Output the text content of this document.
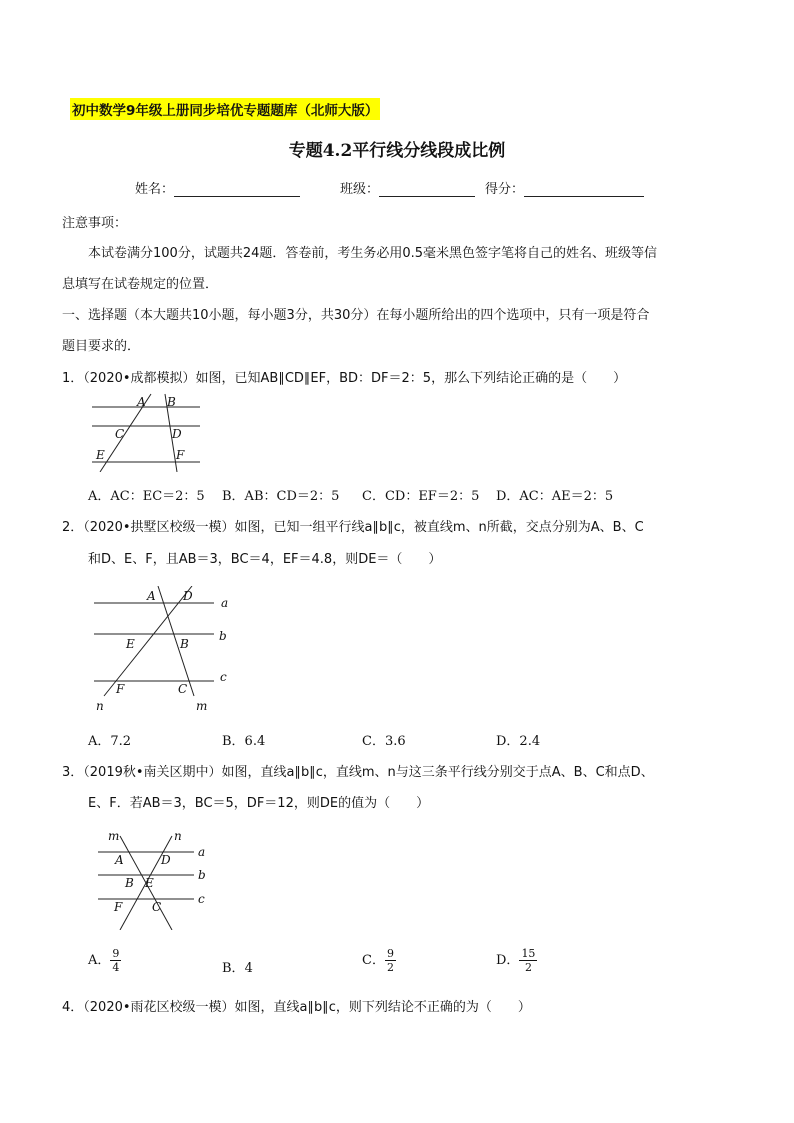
初中数学9年级上册同步培优专题题库（北师大版）
专题4.2平行线分线段成比例
姓名：	班级：	得分：
注意事项：
本试卷满分100分，试题共24题．答卷前，考生务必用0.5毫米黑色签字笔将自己的姓名、班级等信
息填写在试卷规定的位置．
一、选择题（本大题共10小题，每小题3分，共30分）在每小题所给出的四个选项中，只有一项是符合
题目要求的．
1．（2020•成都模拟）如图，已知AB∥CD∥EF，BD：DF＝2：5，那么下列结论正确的是（　　）
A B
C	D
E	F
A．AC：EC＝2：5 B．AB：CD＝2：5 C．CD：EF＝2：5 D．AC：AE＝2：5
2．（2020•拱墅区校级一模）如图，已知一组平行线a∥b∥c，被直线m、n所截，交点分别为A、B、C
和D、E、F，且AB＝3，BC＝4，EF＝4.8，则DE＝（　　）
A D a
E	B
b
F	C
c
n	m
A．7.2	B．6.4	C．3.6	D．2.4
3．（2019秋•南关区期中）如图，直线a∥b∥c，直线m、n与这三条平行线分别交于点A、B、C和点D、
E、F．若AB＝3，BC＝5，DF＝12，则DE的值为（　　）
m	n
A	D
a
B E
b
F C
c
A． $\frac{9}{4}$	B．4
C． $\frac{9}{2}$	D． $\frac{15}{2}$
4．（2020•雨花区校级一模）如图，直线a∥b∥c，则下列结论不正确的为（　　）
